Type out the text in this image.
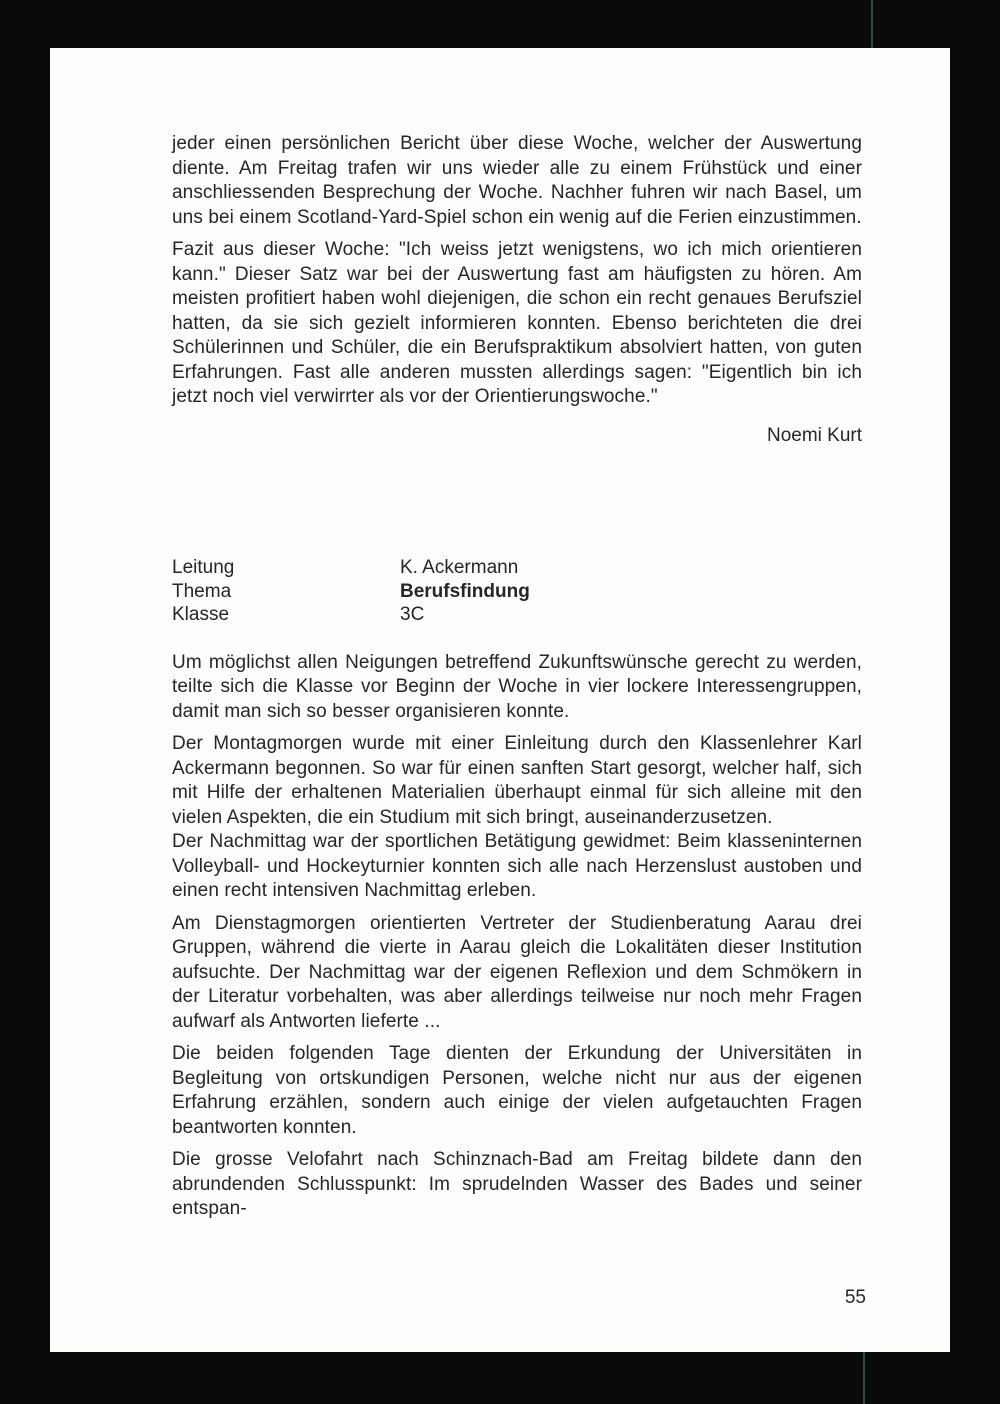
jeder einen persönlichen Bericht über diese Woche, welcher der Auswertung diente. Am Freitag trafen wir uns wieder alle zu einem Frühstück und einer anschliessenden Besprechung der Woche. Nachher fuhren wir nach Basel, um uns bei einem Scotland-Yard-Spiel schon ein wenig auf die Ferien einzustimmen.

Fazit aus dieser Woche: "Ich weiss jetzt wenigstens, wo ich mich orientieren kann." Dieser Satz war bei der Auswertung fast am häufigsten zu hören. Am meisten profitiert haben wohl diejenigen, die schon ein recht genaues Berufsziel hatten, da sie sich gezielt informieren konnten. Ebenso berichteten die drei Schülerinnen und Schüler, die ein Berufspraktikum absolviert hatten, von guten Erfahrungen. Fast alle anderen mussten allerdings sagen: "Eigentlich bin ich jetzt noch viel verwirrter als vor der Orientierungswoche."

Noemi Kurt
Leitung	K. Ackermann
Thema	Berufsfindung
Klasse	3C

Um möglichst allen Neigungen betreffend Zukunftswünsche gerecht zu werden, teilte sich die Klasse vor Beginn der Woche in vier lockere Interessengruppen, damit man sich so besser organisieren konnte.

Der Montagmorgen wurde mit einer Einleitung durch den Klassenlehrer Karl Ackermann begonnen. So war für einen sanften Start gesorgt, welcher half, sich mit Hilfe der erhaltenen Materialien überhaupt einmal für sich alleine mit den vielen Aspekten, die ein Studium mit sich bringt, auseinanderzusetzen.

Der Nachmittag war der sportlichen Betätigung gewidmet: Beim klasseninternen Volleyball- und Hockeyturnier konnten sich alle nach Herzenslust austoben und einen recht intensiven Nachmittag erleben.

Am Dienstagmorgen orientierten Vertreter der Studienberatung Aarau drei Gruppen, während die vierte in Aarau gleich die Lokalitäten dieser Institution aufsuchte. Der Nachmittag war der eigenen Reflexion und dem Schmökern in der Literatur vorbehalten, was aber allerdings teilweise nur noch mehr Fragen aufwarf als Antworten lieferte ...

Die beiden folgenden Tage dienten der Erkundung der Universitäten in Begleitung von ortskundigen Personen, welche nicht nur aus der eigenen Erfahrung erzählen, sondern auch einige der vielen aufgetauchten Fragen beantworten konnten.

Die grosse Velofahrt nach Schinznach-Bad am Freitag bildete dann den abrundenden Schlusspunkt: Im sprudelnden Wasser des Bades und seiner entspan-

55
